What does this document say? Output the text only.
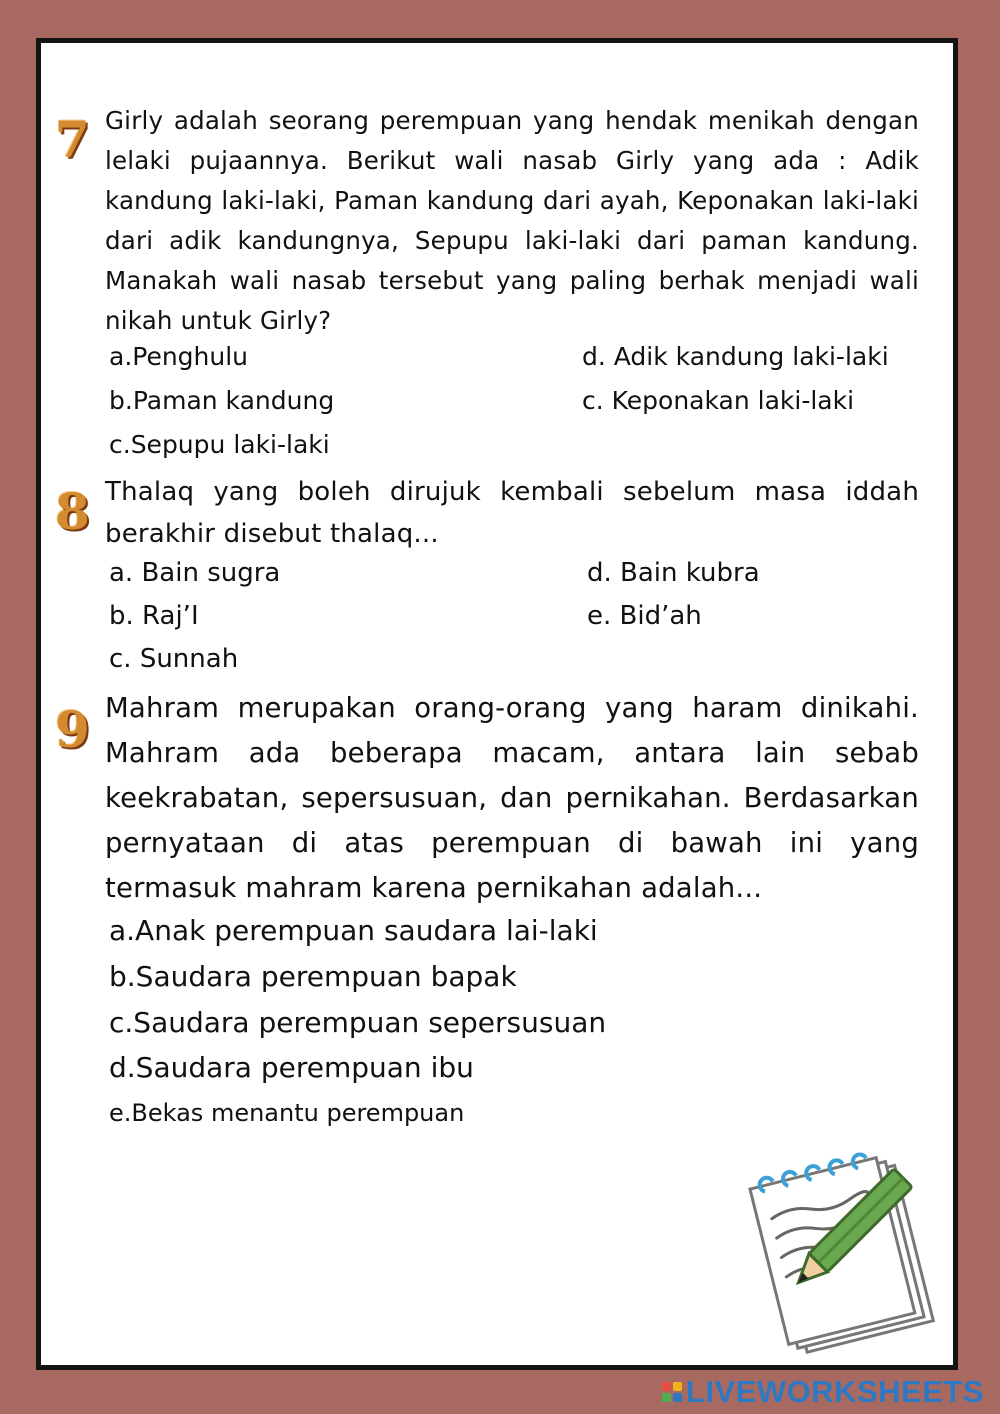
7 Girly adalah seorang perempuan yang hendak menikah dengan lelaki pujaannya. Berikut wali nasab Girly yang ada : Adik kandung laki-laki, Paman kandung dari ayah, Keponakan laki-laki dari adik kandungnya, Sepupu laki-laki dari paman kandung. Manakah wali nasab tersebut yang paling berhak menjadi wali nikah untuk Girly?
a.Penghulu	d. Adik kandung laki-laki
b.Paman kandung	c. Keponakan laki-laki
c.Sepupu laki-laki
8 Thalaq yang boleh dirujuk kembali sebelum masa iddah berakhir disebut thalaq...
a. Bain sugra	d. Bain kubra
b. Raj’I	e. Bid’ah
c. Sunnah
9 Mahram merupakan orang-orang yang haram dinikahi. Mahram ada beberapa macam, antara lain sebab keekrabatan, sepersusuan, dan pernikahan. Berdasarkan pernyataan di atas perempuan di bawah ini yang termasuk mahram karena pernikahan adalah...
a.Anak perempuan saudara lai-laki
b.Saudara perempuan bapak
c.Saudara perempuan sepersusuan
d.Saudara perempuan ibu
e.Bekas menantu perempuan
LIVEWORKSHEETS
